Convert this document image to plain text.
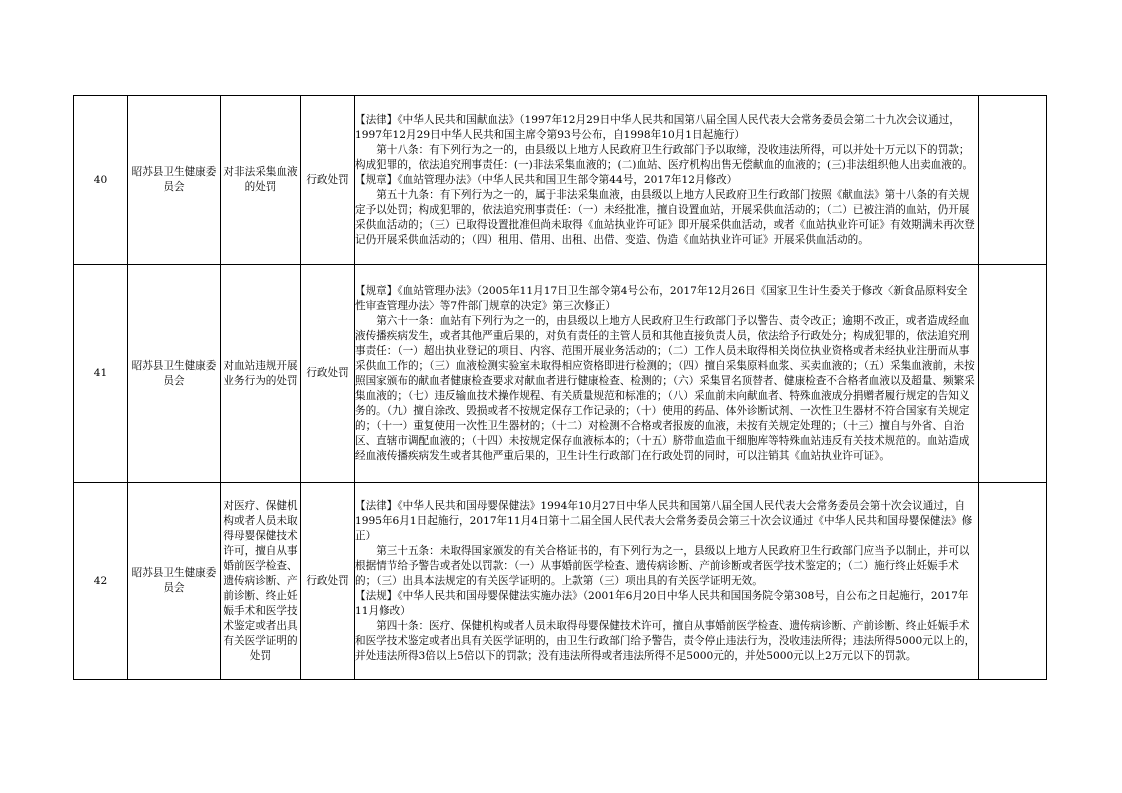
40	昭苏县卫生健康委员会	对非法采集血液的处罚	行政处罚	【法律】《中华人民共和国献血法》（1997年12月29日中华人民共和国第八届全国人民代表大会常务委员会第二十九次会议通过，1997年12月29日中华人民共和国主席令第93号公布，自1998年10月1日起施行）
第十八条：有下列行为之一的，由县级以上地方人民政府卫生行政部门予以取缔，没收违法所得，可以并处十万元以下的罚款；构成犯罪的，依法追究刑事责任：(一)非法采集血液的；(二)血站、医疗机构出售无偿献血的血液的；(三)非法组织他人出卖血液的。
【规章】《血站管理办法》（中华人民共和国卫生部令第44号，2017年12月修改）
第五十九条：有下列行为之一的，属于非法采集血液，由县级以上地方人民政府卫生行政部门按照《献血法》第十八条的有关规定予以处罚；构成犯罪的，依法追究刑事责任：（一）未经批准，擅自设置血站，开展采供血活动的；（二）已被注消的血站，仍开展采供血活动的；（三）已取得设置批准但尚未取得《血站执业许可证》即开展采供血活动，或者《血站执业许可证》有效期满未再次登记仍开展采供血活动的；（四）租用、借用、出租、出借、变造、伪造《血站执业许可证》开展采供血活动的。	

41	昭苏县卫生健康委员会	对血站违规开展业务行为的处罚	行政处罚	【规章】《血站管理办法》（2005年11月17日卫生部令第4号公布，2017年12月26日《国家卫生计生委关于修改〈新食品原料安全性审查管理办法〉等7件部门规章的决定》第三次修正）
第六十一条：血站有下列行为之一的，由县级以上地方人民政府卫生行政部门予以警告、责令改正；逾期不改正，或者造成经血液传播疾病发生，或者其他严重后果的，对负有责任的主管人员和其他直接负责人员，依法给予行政处分；构成犯罪的，依法追究刑事责任：（一）超出执业登记的项目、内容、范围开展业务活动的；（二）工作人员未取得相关岗位执业资格或者未经执业注册而从事采供血工作的；（三）血液检测实验室未取得相应资格即进行检测的；（四）擅自采集原料血浆、买卖血液的；（五）采集血液前，未按照国家颁布的献血者健康检查要求对献血者进行健康检查、检测的；（六）采集冒名顶替者、健康检查不合格者血液以及超量、频繁采集血液的；（七）违反输血技术操作规程、有关质量规范和标准的；（八）采血前未向献血者、特殊血液成分捐赠者履行规定的告知义务的。（九）擅自涂改、毁损或者不按规定保存工作记录的；（十）使用的药品、体外诊断试剂、一次性卫生器材不符合国家有关规定的；（十一）重复使用一次性卫生器材的；（十二）对检测不合格或者报废的血液，未按有关规定处理的；（十三）擅自与外省、自治区、直辖市调配血液的；（十四）未按规定保存血液标本的；（十五）脐带血造血干细胞库等特殊血站违反有关技术规范的。血站造成经血液传播疾病发生或者其他严重后果的，卫生计生行政部门在行政处罚的同时，可以注销其《血站执业许可证》。	

42	昭苏县卫生健康委员会	对医疗、保健机构或者人员未取得母婴保健技术许可，擅自从事婚前医学检查、遗传病诊断、产前诊断、终止妊娠手术和医学技术鉴定或者出具有关医学证明的处罚	行政处罚	【法律】《中华人民共和国母婴保健法》1994年10月27日中华人民共和国第八届全国人民代表大会常务委员会第十次会议通过，自1995年6月1日起施行，2017年11月4日第十二届全国人民代表大会常务委员会第三十次会议通过《中华人民共和国母婴保健法》修正）
第三十五条：未取得国家颁发的有关合格证书的，有下列行为之一，县级以上地方人民政府卫生行政部门应当予以制止，并可以根据情节给予警告或者处以罚款：（一）从事婚前医学检查、遗传病诊断、产前诊断或者医学技术鉴定的；（二）施行终止妊娠手术的；（三）出具本法规定的有关医学证明的。上款第（三）项出具的有关医学证明无效。
【法规】《中华人民共和国母婴保健法实施办法》（2001年6月20日中华人民共和国国务院令第308号，自公布之日起施行，2017年11月修改）
第四十条：医疗、保健机构或者人员未取得母婴保健技术许可，擅自从事婚前医学检查、遗传病诊断、产前诊断、终止妊娠手术和医学技术鉴定或者出具有关医学证明的，由卫生行政部门给予警告，责令停止违法行为，没收违法所得；违法所得5000元以上的，并处违法所得3倍以上5倍以下的罚款；没有违法所得或者违法所得不足5000元的，并处5000元以上2万元以下的罚款。	
